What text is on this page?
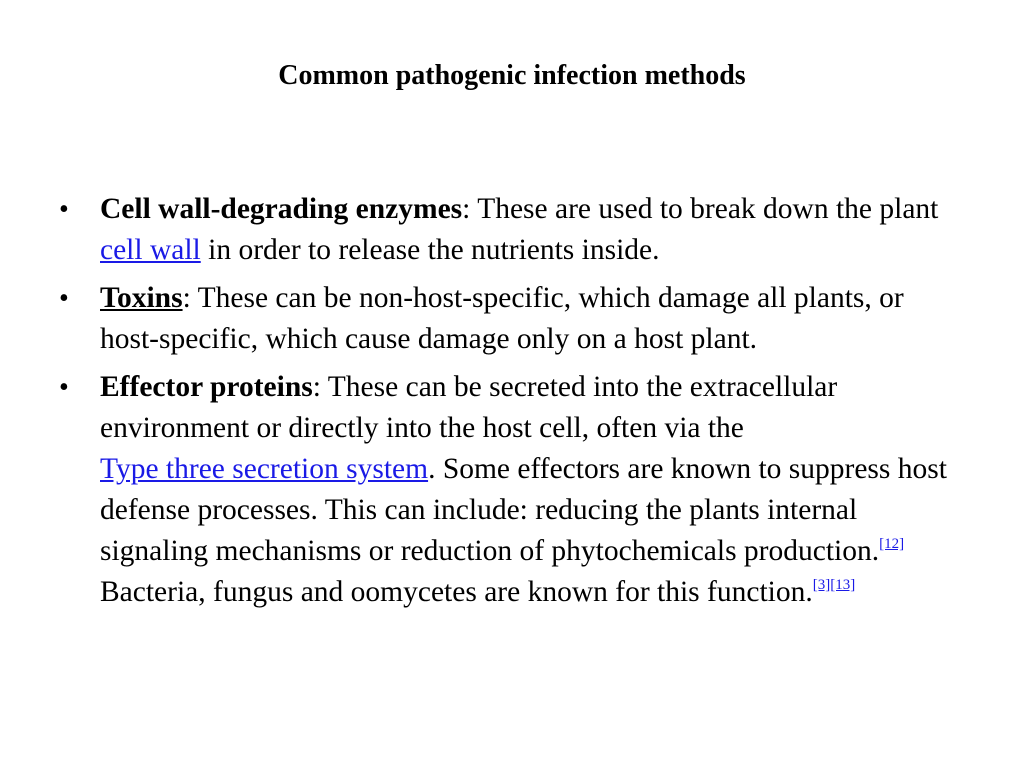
Common pathogenic infection methods
• Cell wall-degrading enzymes: These are used to break down the plant cell wall in order to release the nutrients inside.
• Toxins: These can be non-host-specific, which damage all plants, or host-specific, which cause damage only on a host plant.
• Effector proteins: These can be secreted into the extracellular environment or directly into the host cell, often via the
Type three secretion system. Some effectors are known to suppress host defense processes. This can include: reducing the plants internal signaling mechanisms or reduction of phytochemicals production.[12] Bacteria, fungus and oomycetes are known for this function.[3][13]
